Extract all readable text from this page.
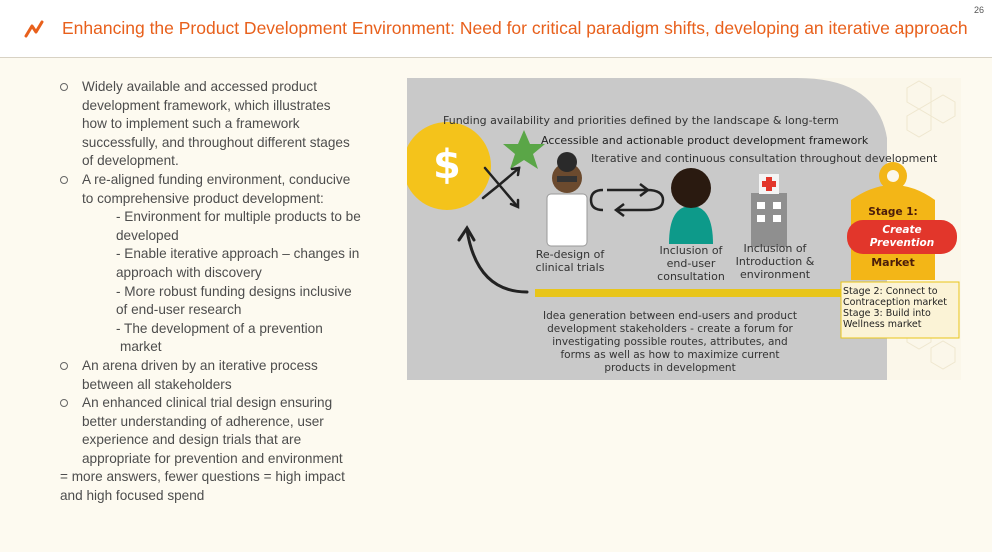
Enhancing the Product Development Environment: Need for critical paradigm shifts, developing an iterative approach
26
Widely available and accessed product
development framework, which illustrates
how to implement such a framework
successfully, and throughout different stages
of development.
A re-aligned funding environment, conducive
to comprehensive product development:
- Environment for multiple products to be
developed
- Enable iterative approach – changes in
approach with discovery
- More robust funding designs inclusive
of end-user research
- The development of a prevention
market
An arena driven by an iterative process
between all stakeholders
An enhanced clinical trial design ensuring
better understanding of adherence, user
experience and design trials that are
appropriate for prevention and environment
= more answers, fewer questions = high impact
and high focused spend
Funding availability and priorities defined by the landscape & long-term
Accessible and actionable product development framework
Iterative and continuous consultation throughout development
$
Re-design of
clinical trials
Inclusion of
end-user
consultation
Inclusion of
Introduction &
environment
Stage 1:
Create
Prevention
Market
Stage 2: Connect to
Contraception market
Stage 3: Build into
Wellness market
Idea generation between end-users and product
development stakeholders - create a forum for
investigating possible routes, attributes, and
forms as well as how to maximize current
products in development
